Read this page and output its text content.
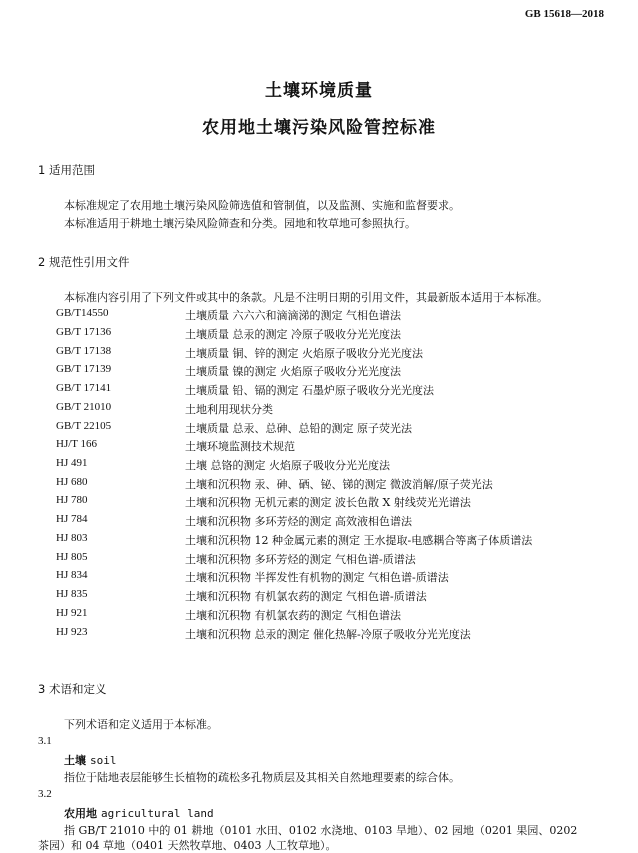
GB 15618—2018
土壤环境质量
农用地土壤污染风险管控标准
1 适用范围
本标准规定了农用地土壤污染风险筛选值和管制值，以及监测、实施和监督要求。
本标准适用于耕地土壤污染风险筛查和分类。园地和牧草地可参照执行。
2 规范性引用文件
本标准内容引用了下列文件或其中的条款。凡是不注明日期的引用文件，其最新版本适用于本标准。
GB/T14550	土壤质量 六六六和滴滴涕的测定 气相色谱法
GB/T 17136	土壤质量 总汞的测定 冷原子吸收分光光度法
GB/T 17138	土壤质量 铜、锌的测定 火焰原子吸收分光光度法
GB/T 17139	土壤质量 镍的测定 火焰原子吸收分光光度法
GB/T 17141	土壤质量 铅、镉的测定 石墨炉原子吸收分光光度法
GB/T 21010	土地利用现状分类
GB/T 22105	土壤质量 总汞、总砷、总铅的测定 原子荧光法
HJ/T 166	土壤环境监测技术规范
HJ 491	土壤 总铬的测定 火焰原子吸收分光光度法
HJ 680	土壤和沉积物 汞、砷、硒、铋、锑的测定 微波消解/原子荧光法
HJ 780	土壤和沉积物 无机元素的测定 波长色散 X 射线荧光光谱法
HJ 784	土壤和沉积物 多环芳烃的测定 高效液相色谱法
HJ 803	土壤和沉积物 12 种金属元素的测定 王水提取-电感耦合等离子体质谱法
HJ 805	土壤和沉积物 多环芳烃的测定 气相色谱-质谱法
HJ 834	土壤和沉积物 半挥发性有机物的测定 气相色谱-质谱法
HJ 835	土壤和沉积物 有机氯农药的测定 气相色谱-质谱法
HJ 921	土壤和沉积物 有机氯农药的测定 气相色谱法
HJ 923	土壤和沉积物 总汞的测定 催化热解-冷原子吸收分光光度法
3 术语和定义
下列术语和定义适用于本标准。
3.1
土壤 soil
指位于陆地表层能够生长植物的疏松多孔物质层及其相关自然地理要素的综合体。
3.2
农用地 agricultural land
指 GB/T 21010 中的 01 耕地（0101 水田、0102 水浇地、0103 旱地）、02 园地（0201 果园、0202
茶园）和 04 草地（0401 天然牧草地、0403 人工牧草地）。
